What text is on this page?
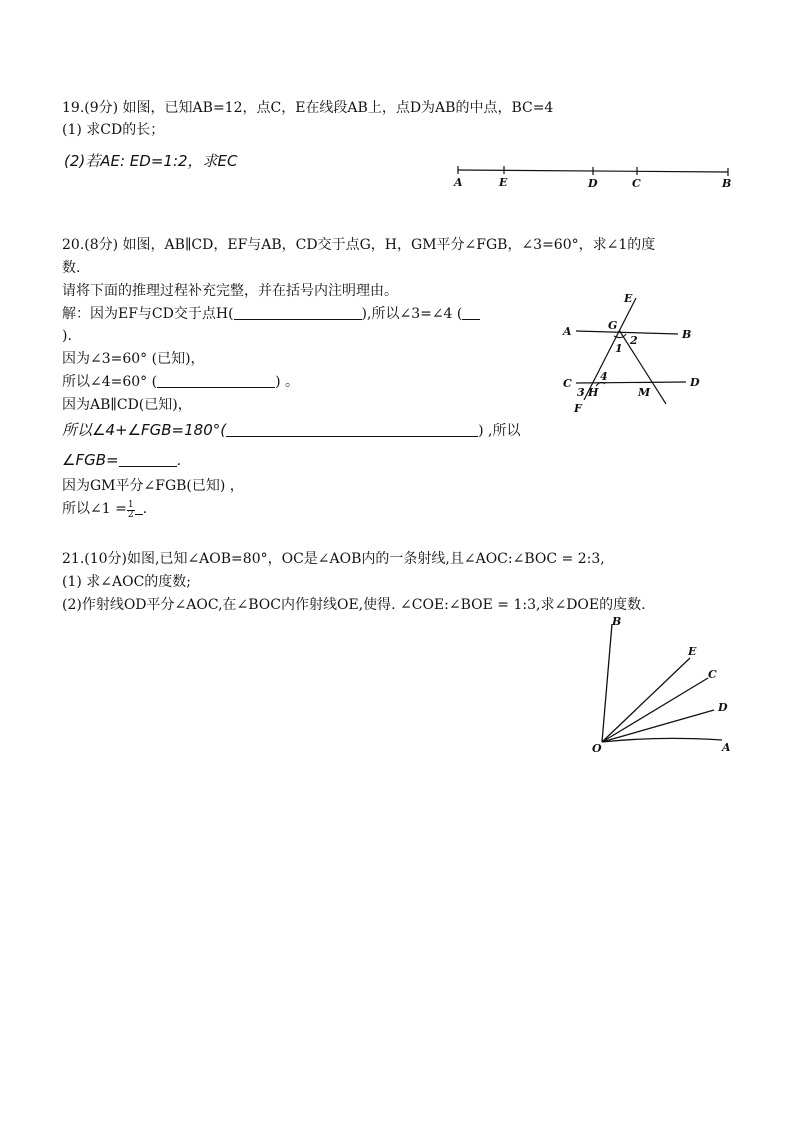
19.(9分) 如图，已知AB=12，点C，E在线段AB上，点D为AB的中点，BC=4
(1) 求CD的长；
(2)若AE: ED=1:2，求EC
A	E	D	C	B
20.(8分) 如图，AB∥CD，EF与AB，CD交于点G，H，GM平分∠FGB，∠3=60°，求∠1的度
数.
请将下面的推理过程补充完整，并在括号内注明理由。
解：因为EF与CD交于点H(	),所以∠3=∠4 (
).
因为∠3=60° (已知)，
所以∠4=60° (	) 。
因为AB∥CD(已知)，
所以∠4+∠FGB=180°(	) ,所以
∠FGB=	.
因为GM平分∠FGB(已知) ，
所以∠1 = $\frac{1}{2}$ .
E
A	G
B
1
2
C
4
3 H	M
D
F
21.(10分)如图,已知∠AOB=80°，OC是∠AOB内的一条射线,且∠AOC:∠BOC = 2:3,
(1) 求∠AOC的度数;
(2)作射线OD平分∠AOC,在∠BOC内作射线OE,使得. ∠COE:∠BOE = 1:3,求∠DOE的度数.
B
E
C
D
O	A
